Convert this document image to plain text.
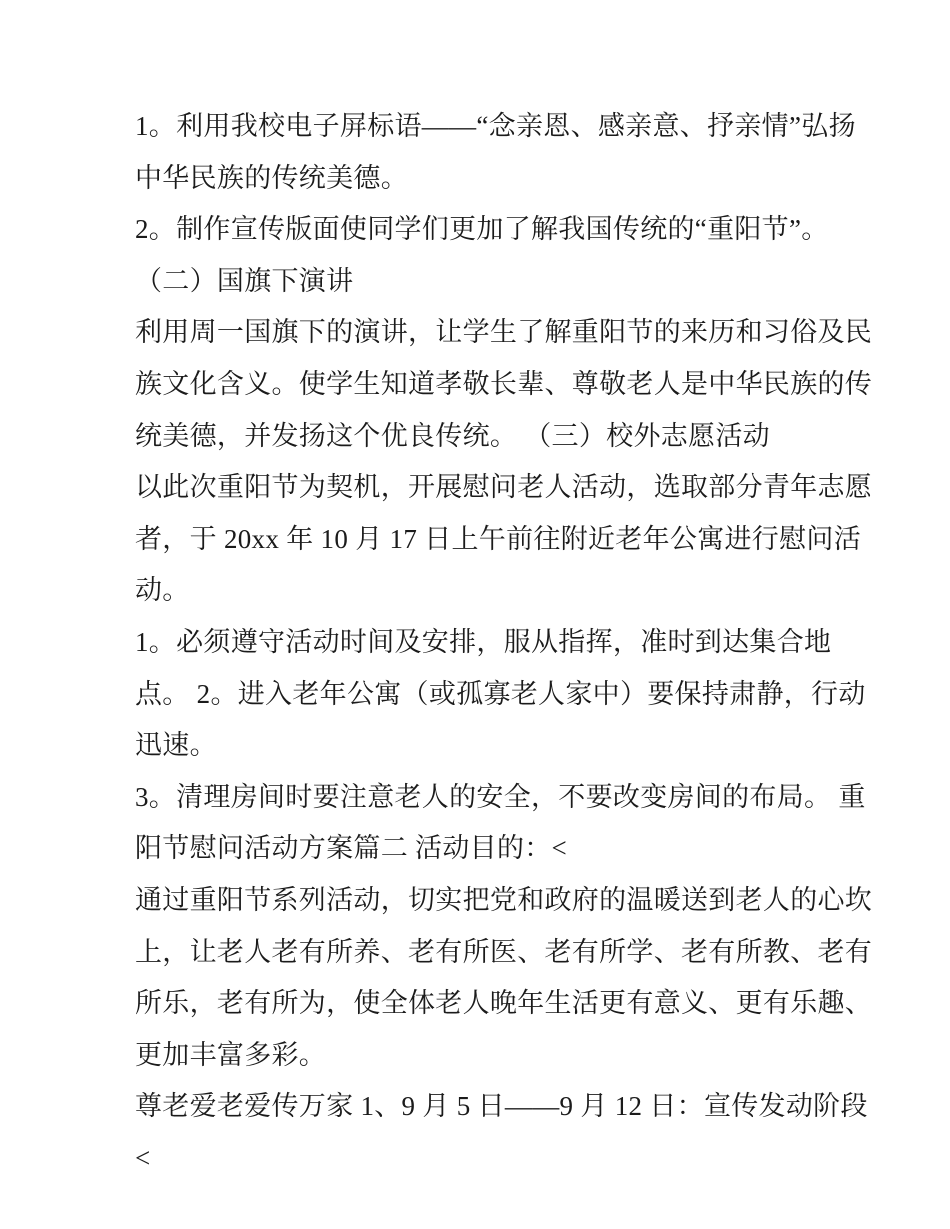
1。利用我校电子屏标语——“念亲恩、感亲意、抒亲情”弘扬
中华民族的传统美德。
2。制作宣传版面使同学们更加了解我国传统的“重阳节”。
（二）国旗下演讲
利用周一国旗下的演讲，让学生了解重阳节的来历和习俗及民
族文化含义。使学生知道孝敬长辈、尊敬老人是中华民族的传
统美德，并发扬这个优良传统。 （三）校外志愿活动
以此次重阳节为契机，开展慰问老人活动，选取部分青年志愿
者，于 20xx 年 10 月 17 日上午前往附近老年公寓进行慰问活
动。
1。必须遵守活动时间及安排，服从指挥，准时到达集合地
点。 2。进入老年公寓（或孤寡老人家中）要保持肃静，行动
迅速。
3。清理房间时要注意老人的安全，不要改变房间的布局。 重
阳节慰问活动方案篇二 活动目的：<
通过重阳节系列活动，切实把党和政府的温暖送到老人的心坎
上，让老人老有所养、老有所医、老有所学、老有所教、老有
所乐，老有所为，使全体老人晚年生活更有意义、更有乐趣、
更加丰富多彩。
尊老爱老爱传万家 1、9 月 5 日——9 月 12 日：宣传发动阶段<
